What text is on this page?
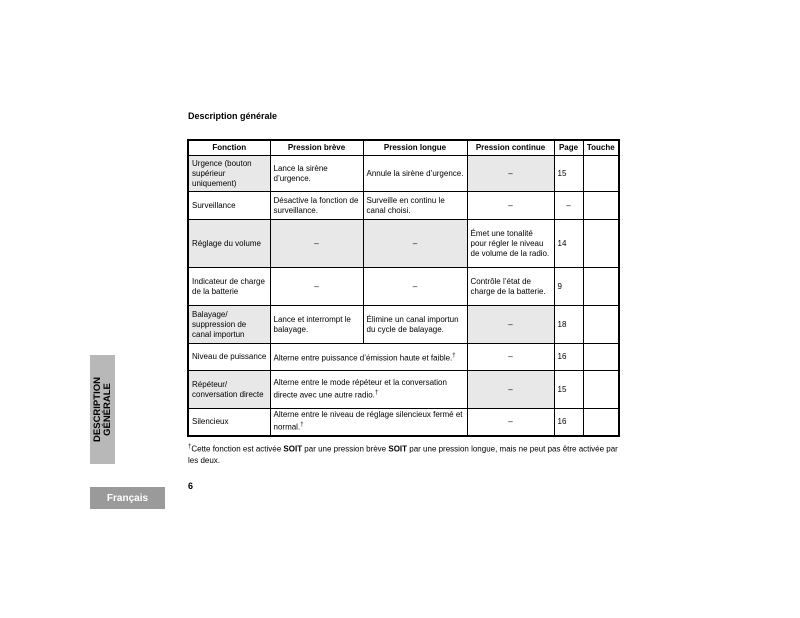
Description générale
Fonction	Pression brève	Pression longue	Pression continue	Page	Touche
Urgence (bouton supérieur uniquement)	Lance la sirène d’urgence.	Annule la sirène d’urgence.	–	15	
Surveillance	Désactive la fonction de surveillance.	Surveille en continu le canal choisi.	–	–	
Réglage du volume	–	–	Émet une tonalité pour régler le niveau de volume de la radio.	14	
Indicateur de charge de la batterie	–	–	Contrôle l’état de charge de la batterie.	9	
Balayage/ suppression de canal importun	Lance et interrompt le balayage.	Élimine un canal importun du cycle de balayage.	–	18	
Niveau de puissance	Alterne entre puissance d’émission haute et faible.†		–	16	
Répéteur/ conversation directe	Alterne entre le mode répéteur et la conversation directe avec une autre radio.†		–	15	
Silencieux	Alterne entre le niveau de réglage silencieux fermé et normal.†		–	16	
†Cette fonction est activée SOIT par une pression brève SOIT par une pression longue, mais ne peut pas être activée par les deux.
DESCRIPTION GÉNÉRALE
6
Français
